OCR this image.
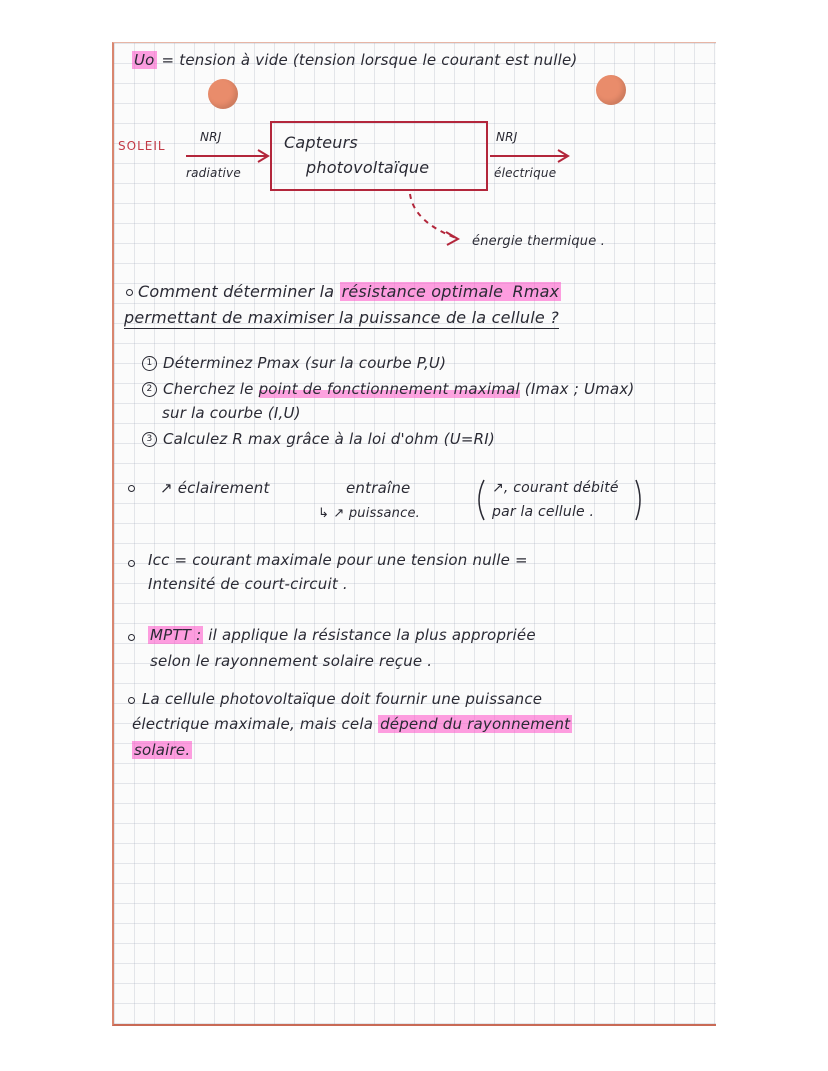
Uo = tension à vide (tension lorsque le courant est nulle)
SOLEIL
NRJ
radiative
Capteurs
photovoltaïque
NRJ
électrique
énergie thermique .
Comment déterminer la résistance optimale Rmax
permettant de maximiser la puissance de la cellule ?
1 Déterminez Pmax (sur la courbe P,U)
2 Cherchez le point de fonctionnement maximal (Imax ; Umax)
sur la courbe (I,U)
3 Calculez R max grâce à la loi d'ohm (U=RI)
↗ éclairement	entraîne
↳ ↗ puissance.
↗, courant débité
par la cellule .
Icc = courant maximale pour une tension nulle =
Intensité de court-circuit .
MPTT : il applique la résistance la plus appropriée
selon le rayonnement solaire reçue .
La cellule photovoltaïque doit fournir une puissance
électrique maximale, mais cela dépend du rayonnement
solaire.
